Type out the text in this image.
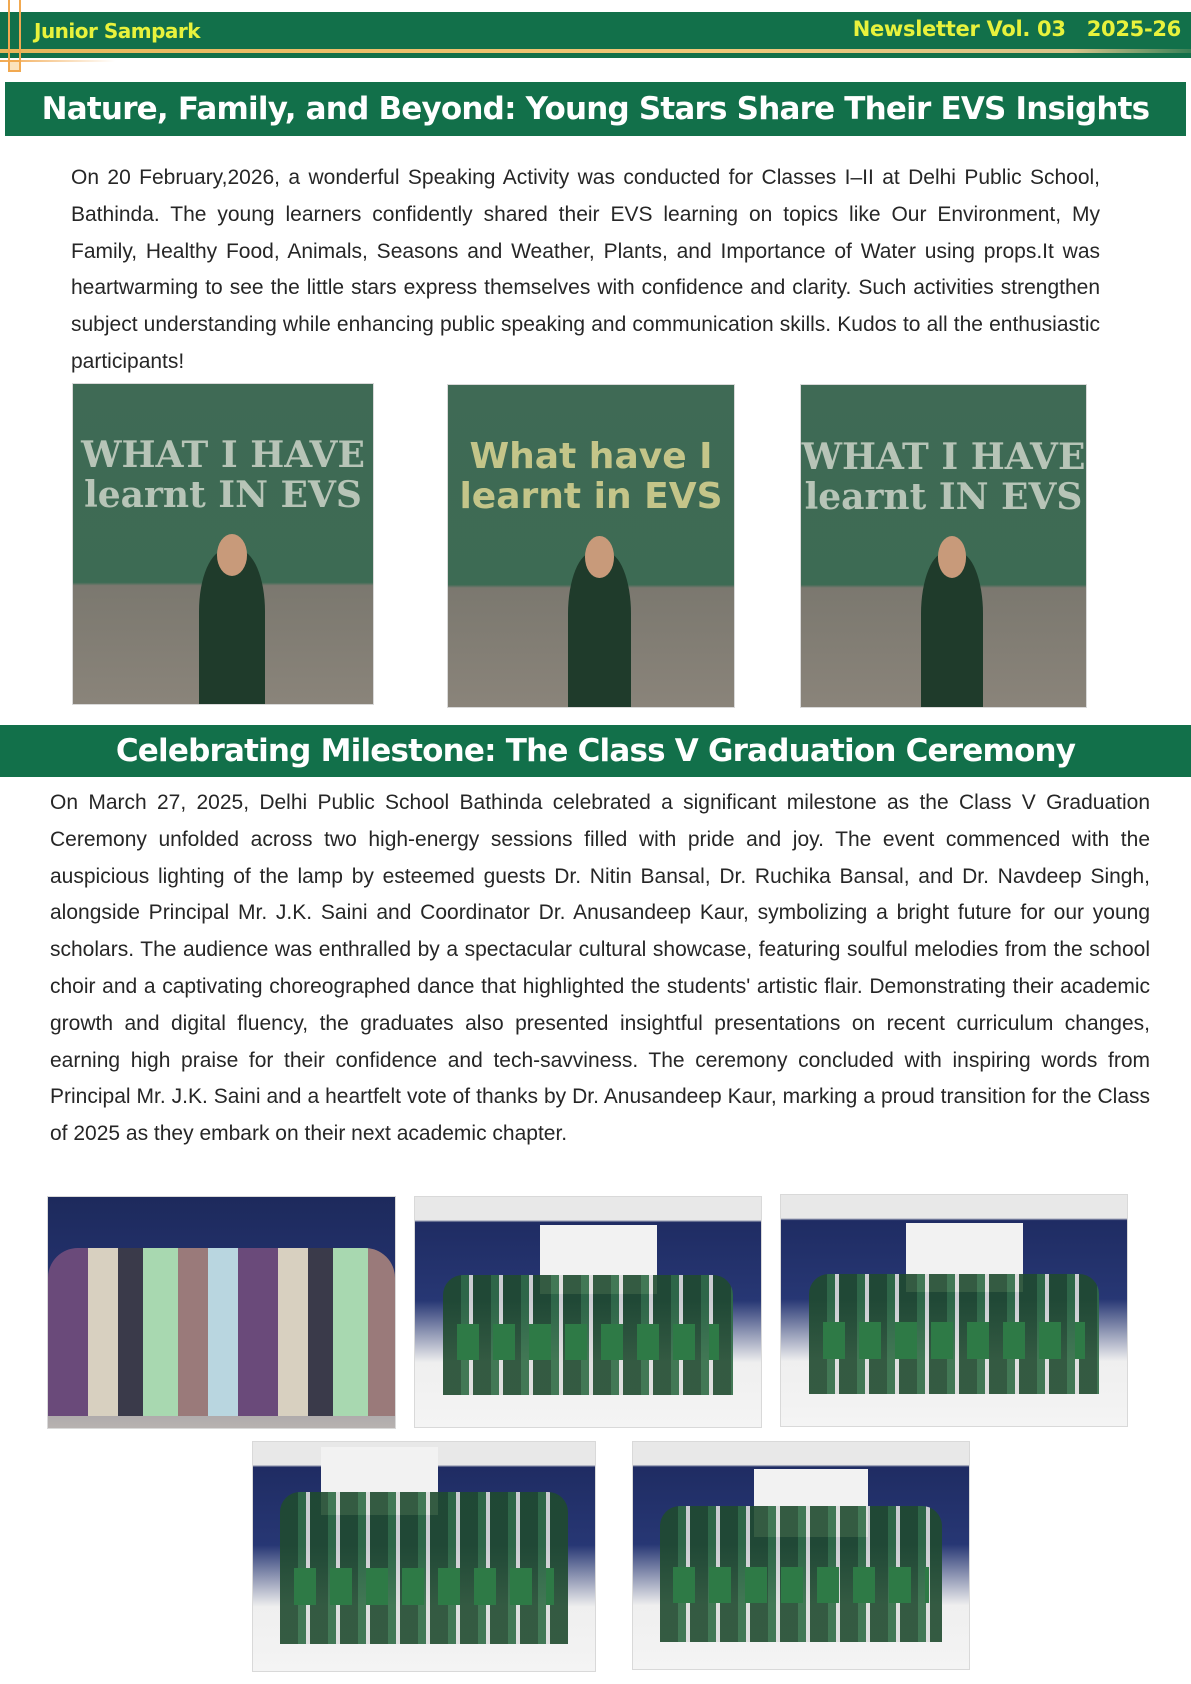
Junior Sampark	Newsletter Vol. 03   2025-26
Nature, Family, and Beyond: Young Stars Share Their EVS Insights
On 20 February,2026, a wonderful Speaking Activity was conducted for Classes I–II at Delhi Public School, Bathinda. The young learners confidently shared their EVS learning on topics like Our Environment, My Family, Healthy Food, Animals, Seasons and Weather, Plants, and Importance of Water using props.It was heartwarming to see the little stars express themselves with confidence and clarity. Such activities strengthen subject understanding while enhancing public speaking and communication skills. Kudos to all the enthusiastic participants!
WHAT I HAVE learnt IN EVS
What have I learnt in EVS
WHAT I HAVE learnt IN EVS
Celebrating Milestone: The Class V Graduation Ceremony
On March 27, 2025, Delhi Public School Bathinda celebrated a significant milestone as the Class V Graduation Ceremony unfolded across two high-energy sessions filled with pride and joy. The event commenced with the auspicious lighting of the lamp by esteemed guests Dr. Nitin Bansal, Dr. Ruchika Bansal, and Dr. Navdeep Singh, alongside Principal Mr. J.K. Saini and Coordinator Dr. Anusandeep Kaur, symbolizing a bright future for our young scholars. The audience was enthralled by a spectacular cultural showcase, featuring soulful melodies from the school choir and a captivating choreographed dance that highlighted the students' artistic flair. Demonstrating their academic growth and digital fluency, the graduates also presented insightful presentations on recent curriculum changes, earning high praise for their confidence and tech-savviness. The ceremony concluded with inspiring words from Principal Mr. J.K. Saini and a heartfelt vote of thanks by Dr. Anusandeep Kaur, marking a proud transition for the Class of 2025 as they embark on their next academic chapter.
